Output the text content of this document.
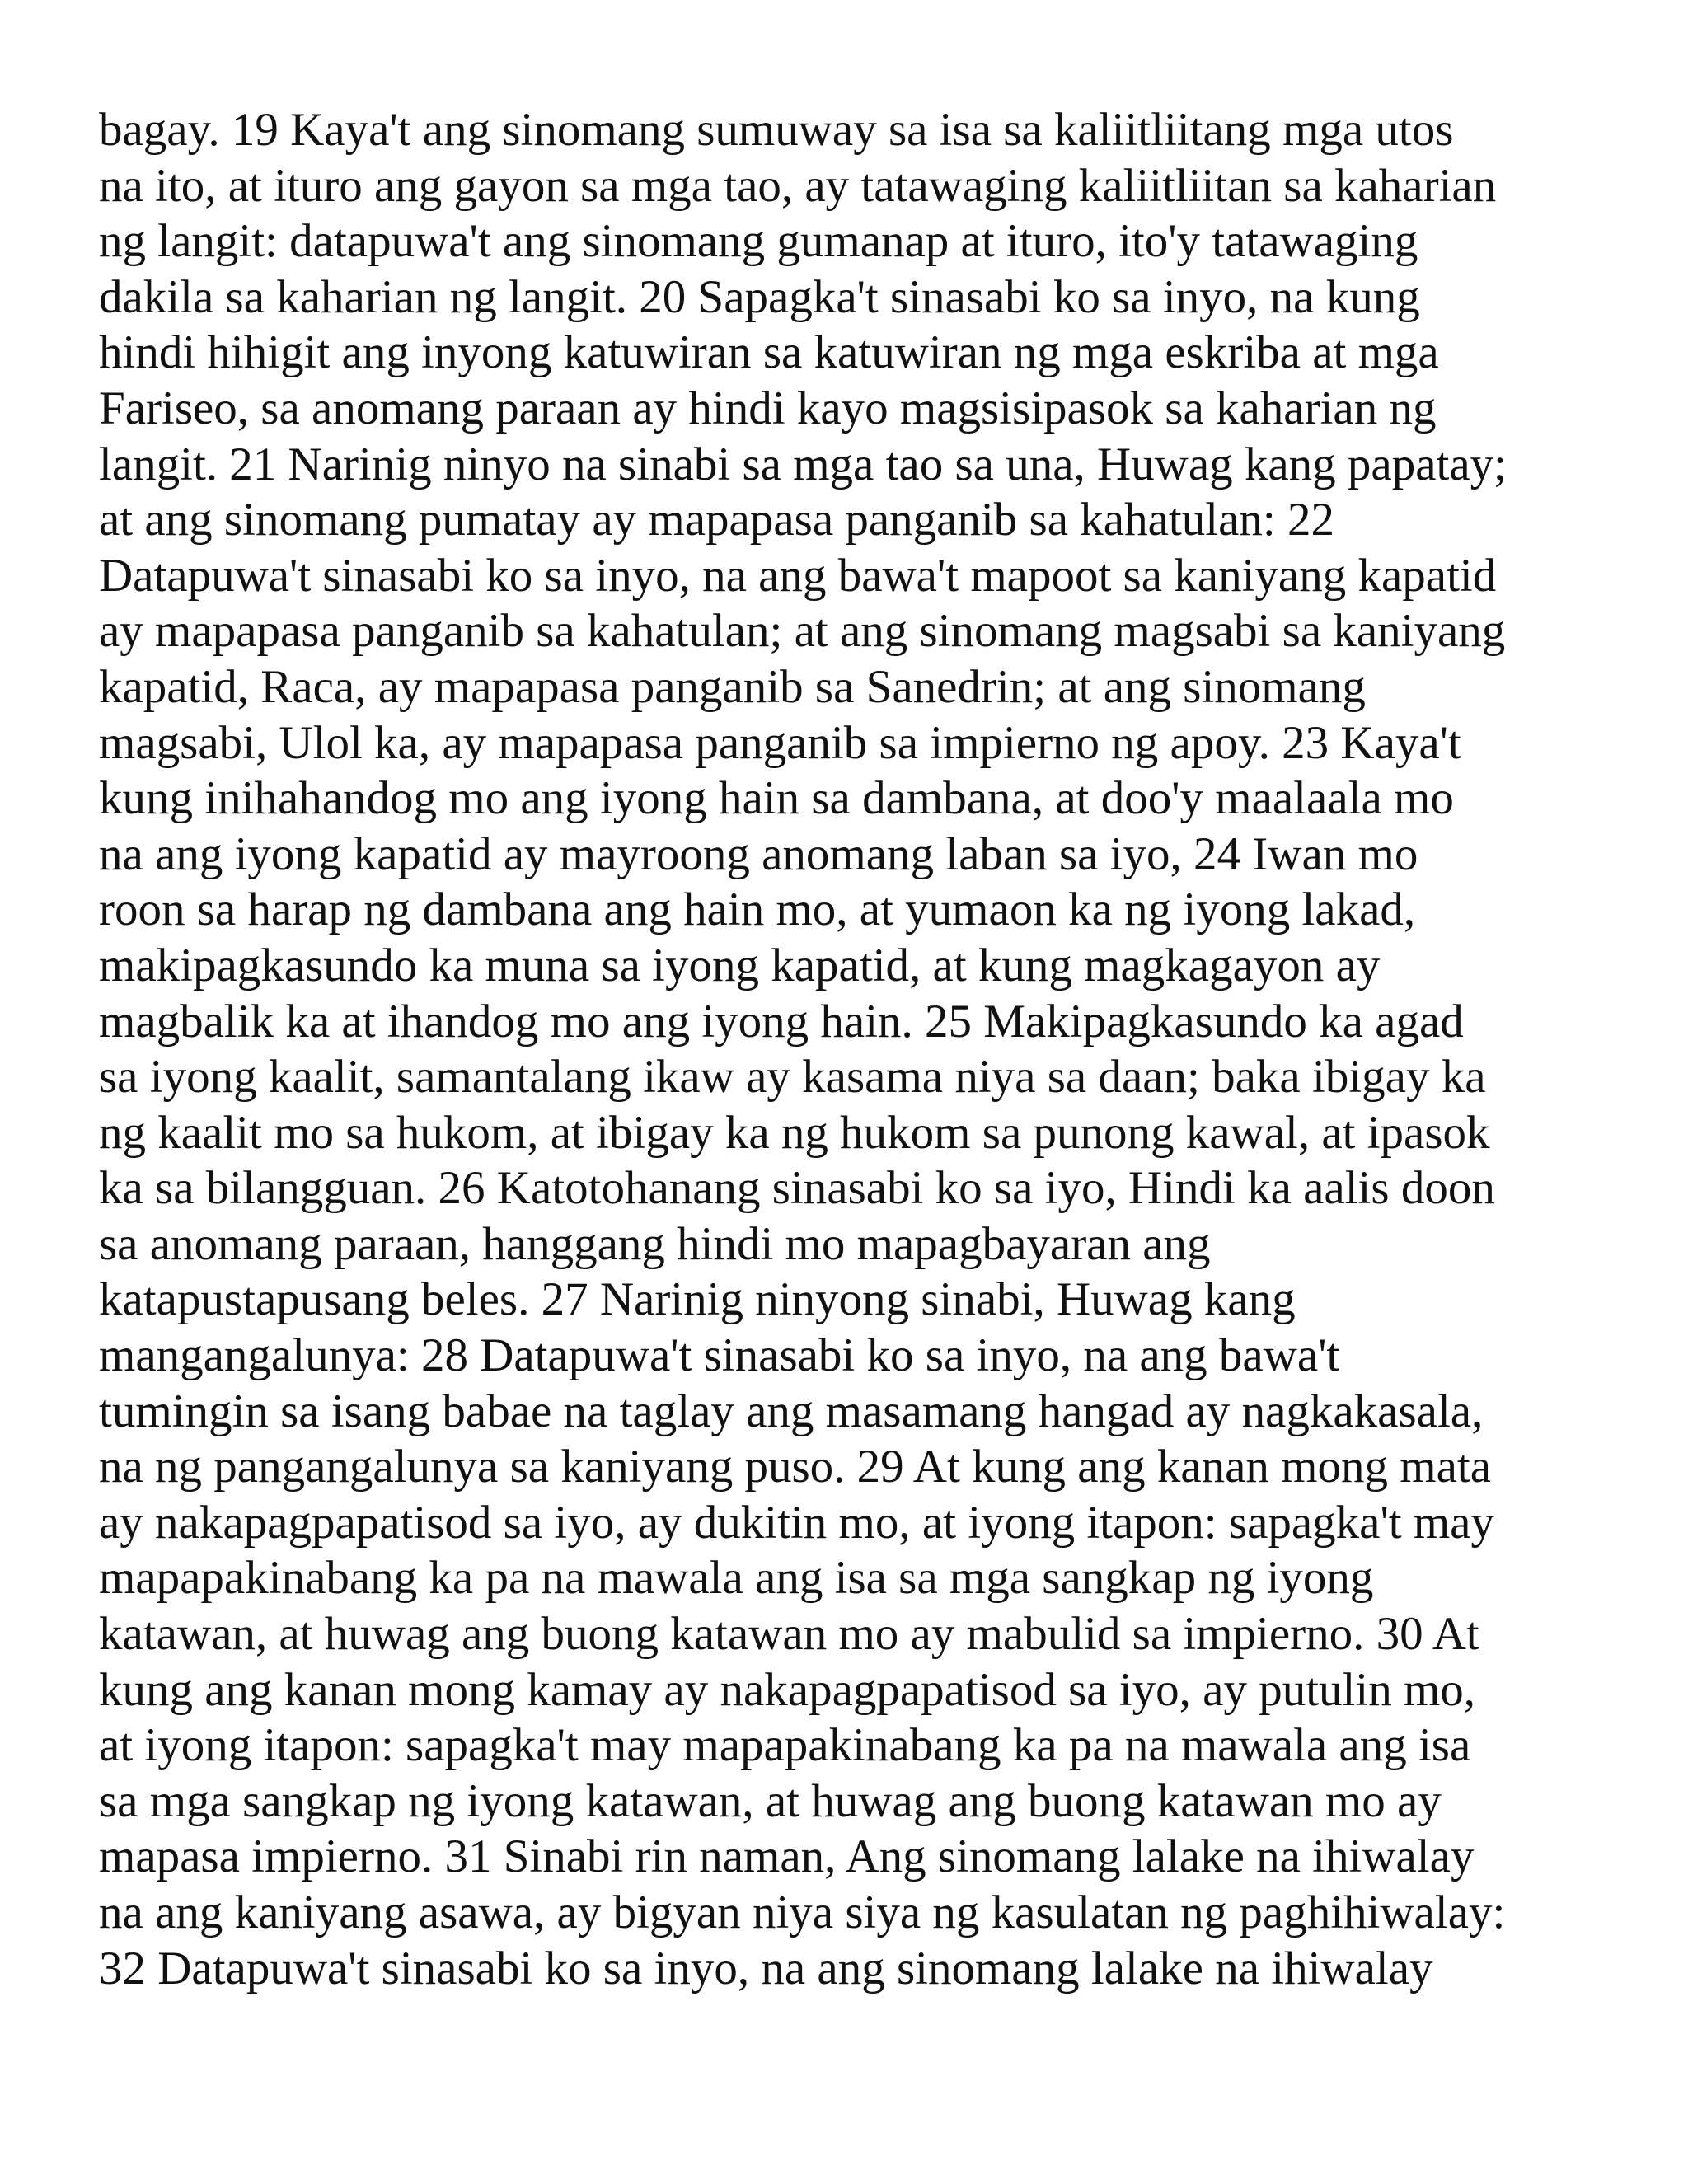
bagay. 19 Kaya't ang sinomang sumuway sa isa sa kaliitliitang mga utos
na ito, at ituro ang gayon sa mga tao, ay tatawaging kaliitliitan sa kaharian
ng langit: datapuwa't ang sinomang gumanap at ituro, ito'y tatawaging
dakila sa kaharian ng langit. 20 Sapagka't sinasabi ko sa inyo, na kung
hindi hihigit ang inyong katuwiran sa katuwiran ng mga eskriba at mga
Fariseo, sa anomang paraan ay hindi kayo magsisipasok sa kaharian ng
langit. 21 Narinig ninyo na sinabi sa mga tao sa una, Huwag kang papatay;
at ang sinomang pumatay ay mapapasa panganib sa kahatulan: 22
Datapuwa't sinasabi ko sa inyo, na ang bawa't mapoot sa kaniyang kapatid
ay mapapasa panganib sa kahatulan; at ang sinomang magsabi sa kaniyang
kapatid, Raca, ay mapapasa panganib sa Sanedrin; at ang sinomang
magsabi, Ulol ka, ay mapapasa panganib sa impierno ng apoy. 23 Kaya't
kung inihahandog mo ang iyong hain sa dambana, at doo'y maalaala mo
na ang iyong kapatid ay mayroong anomang laban sa iyo, 24 Iwan mo
roon sa harap ng dambana ang hain mo, at yumaon ka ng iyong lakad,
makipagkasundo ka muna sa iyong kapatid, at kung magkagayon ay
magbalik ka at ihandog mo ang iyong hain. 25 Makipagkasundo ka agad
sa iyong kaalit, samantalang ikaw ay kasama niya sa daan; baka ibigay ka
ng kaalit mo sa hukom, at ibigay ka ng hukom sa punong kawal, at ipasok
ka sa bilangguan. 26 Katotohanang sinasabi ko sa iyo, Hindi ka aalis doon
sa anomang paraan, hanggang hindi mo mapagbayaran ang
katapustapusang beles. 27 Narinig ninyong sinabi, Huwag kang
mangangalunya: 28 Datapuwa't sinasabi ko sa inyo, na ang bawa't
tumingin sa isang babae na taglay ang masamang hangad ay nagkakasala,
na ng pangangalunya sa kaniyang puso. 29 At kung ang kanan mong mata
ay nakapagpapatisod sa iyo, ay dukitin mo, at iyong itapon: sapagka't may
mapapakinabang ka pa na mawala ang isa sa mga sangkap ng iyong
katawan, at huwag ang buong katawan mo ay mabulid sa impierno. 30 At
kung ang kanan mong kamay ay nakapagpapatisod sa iyo, ay putulin mo,
at iyong itapon: sapagka't may mapapakinabang ka pa na mawala ang isa
sa mga sangkap ng iyong katawan, at huwag ang buong katawan mo ay
mapasa impierno. 31 Sinabi rin naman, Ang sinomang lalake na ihiwalay
na ang kaniyang asawa, ay bigyan niya siya ng kasulatan ng paghihiwalay:
32 Datapuwa't sinasabi ko sa inyo, na ang sinomang lalake na ihiwalay
